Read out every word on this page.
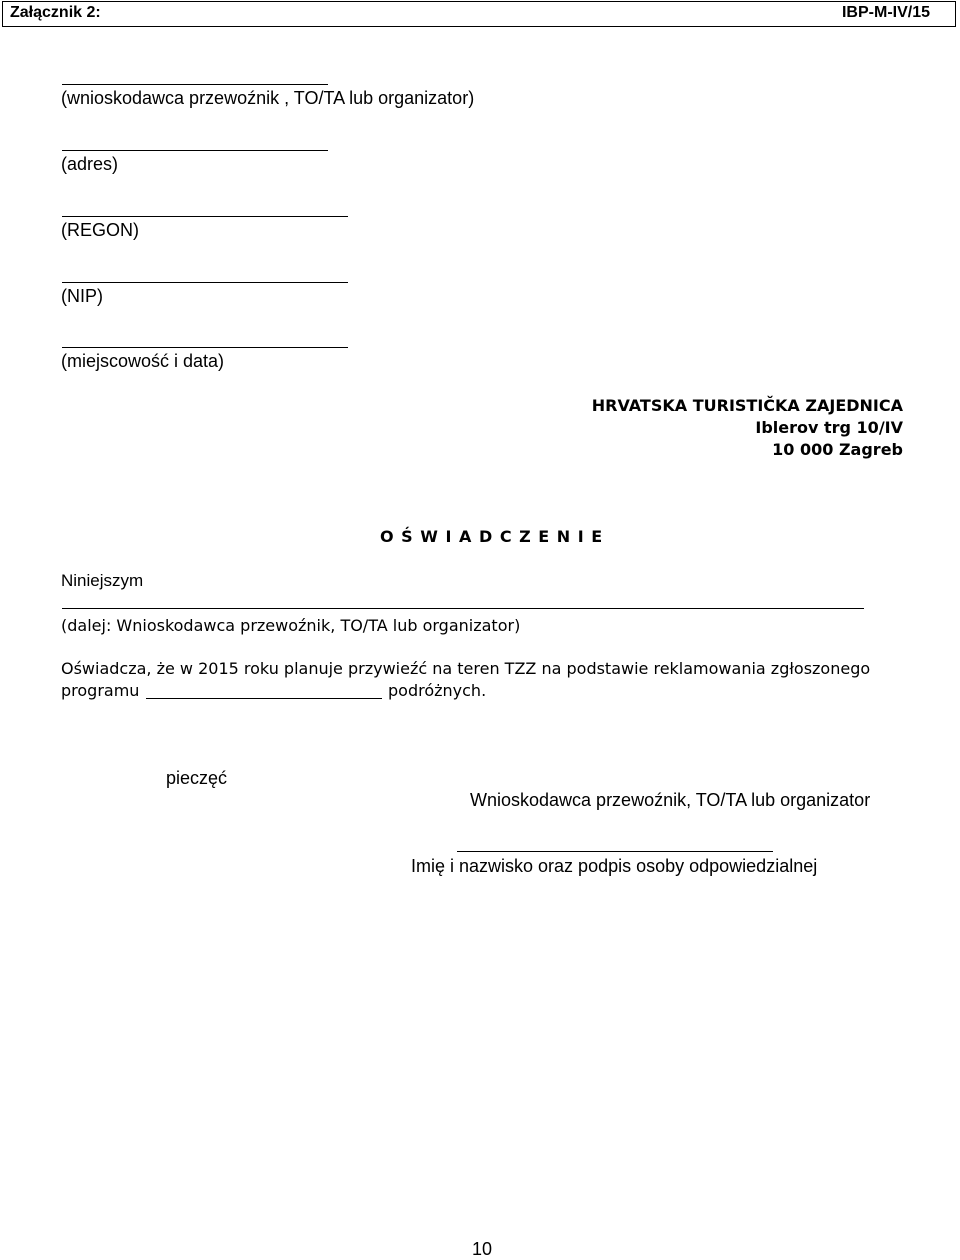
Załącznik 2:	IBP-M-IV/15
(wnioskodawca przewoźnik , TO/TA lub organizator)
(adres)
(REGON)
(NIP)
(miejscowość i data)
HRVATSKA TURISTIČKA ZAJEDNICA
Iblerov trg 10/IV
10 000 Zagreb
O Ś W I A D C Z E N I E
Niniejszym
(dalej: Wnioskodawca przewoźnik, TO/TA lub organizator)
Oświadcza, że w 2015 roku planuje przywieźć na teren TZZ na podstawie reklamowania zgłoszonego
programu	podróżnych.
pieczęć
Wnioskodawca przewoźnik, TO/TA lub organizator
Imię i nazwisko oraz podpis osoby odpowiedzialnej
10
